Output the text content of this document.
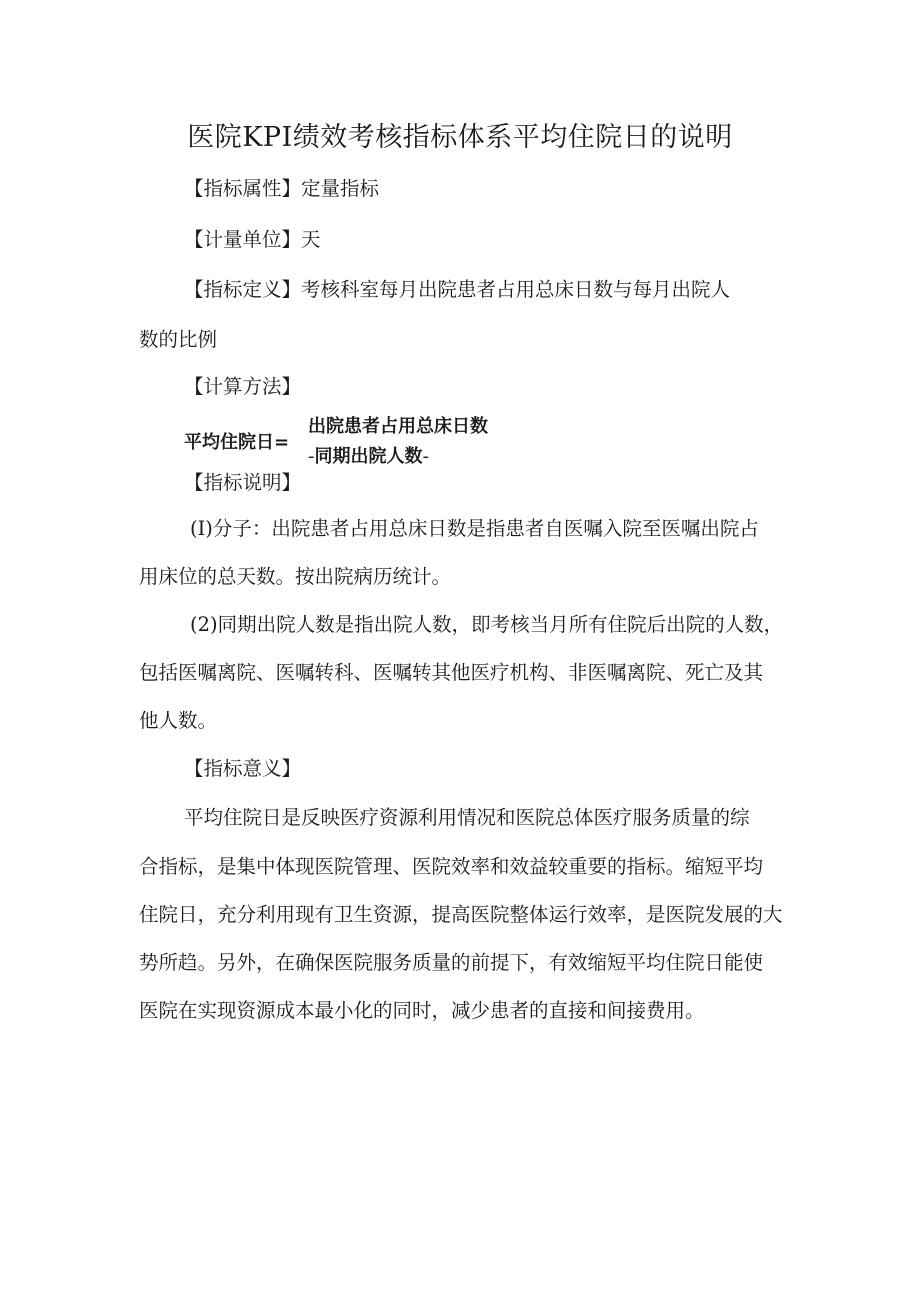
医院KPI绩效考核指标体系平均住院日的说明
【指标属性】定量指标
【计量单位】天
【指标定义】考核科室每月出院患者占用总床日数与每月出院人
数的比例
【计算方法】
平均住院日=
出院患者占用总床日数
-同期出院人数-
【指标说明】
(I)分子：出院患者占用总床日数是指患者自医嘱入院至医嘱出院占
用床位的总天数。按出院病历统计。
(2)同期出院人数是指出院人数，即考核当月所有住院后出院的人数，
包括医嘱离院、医嘱转科、医嘱转其他医疗机构、非医嘱离院、死亡及其
他人数。
【指标意义】
平均住院日是反映医疗资源利用情况和医院总体医疗服务质量的综
合指标，是集中体现医院管理、医院效率和效益较重要的指标。缩短平均
住院日，充分利用现有卫生资源，提高医院整体运行效率，是医院发展的大
势所趋。另外，在确保医院服务质量的前提下，有效缩短平均住院日能使
医院在实现资源成本最小化的同时，减少患者的直接和间接费用。
